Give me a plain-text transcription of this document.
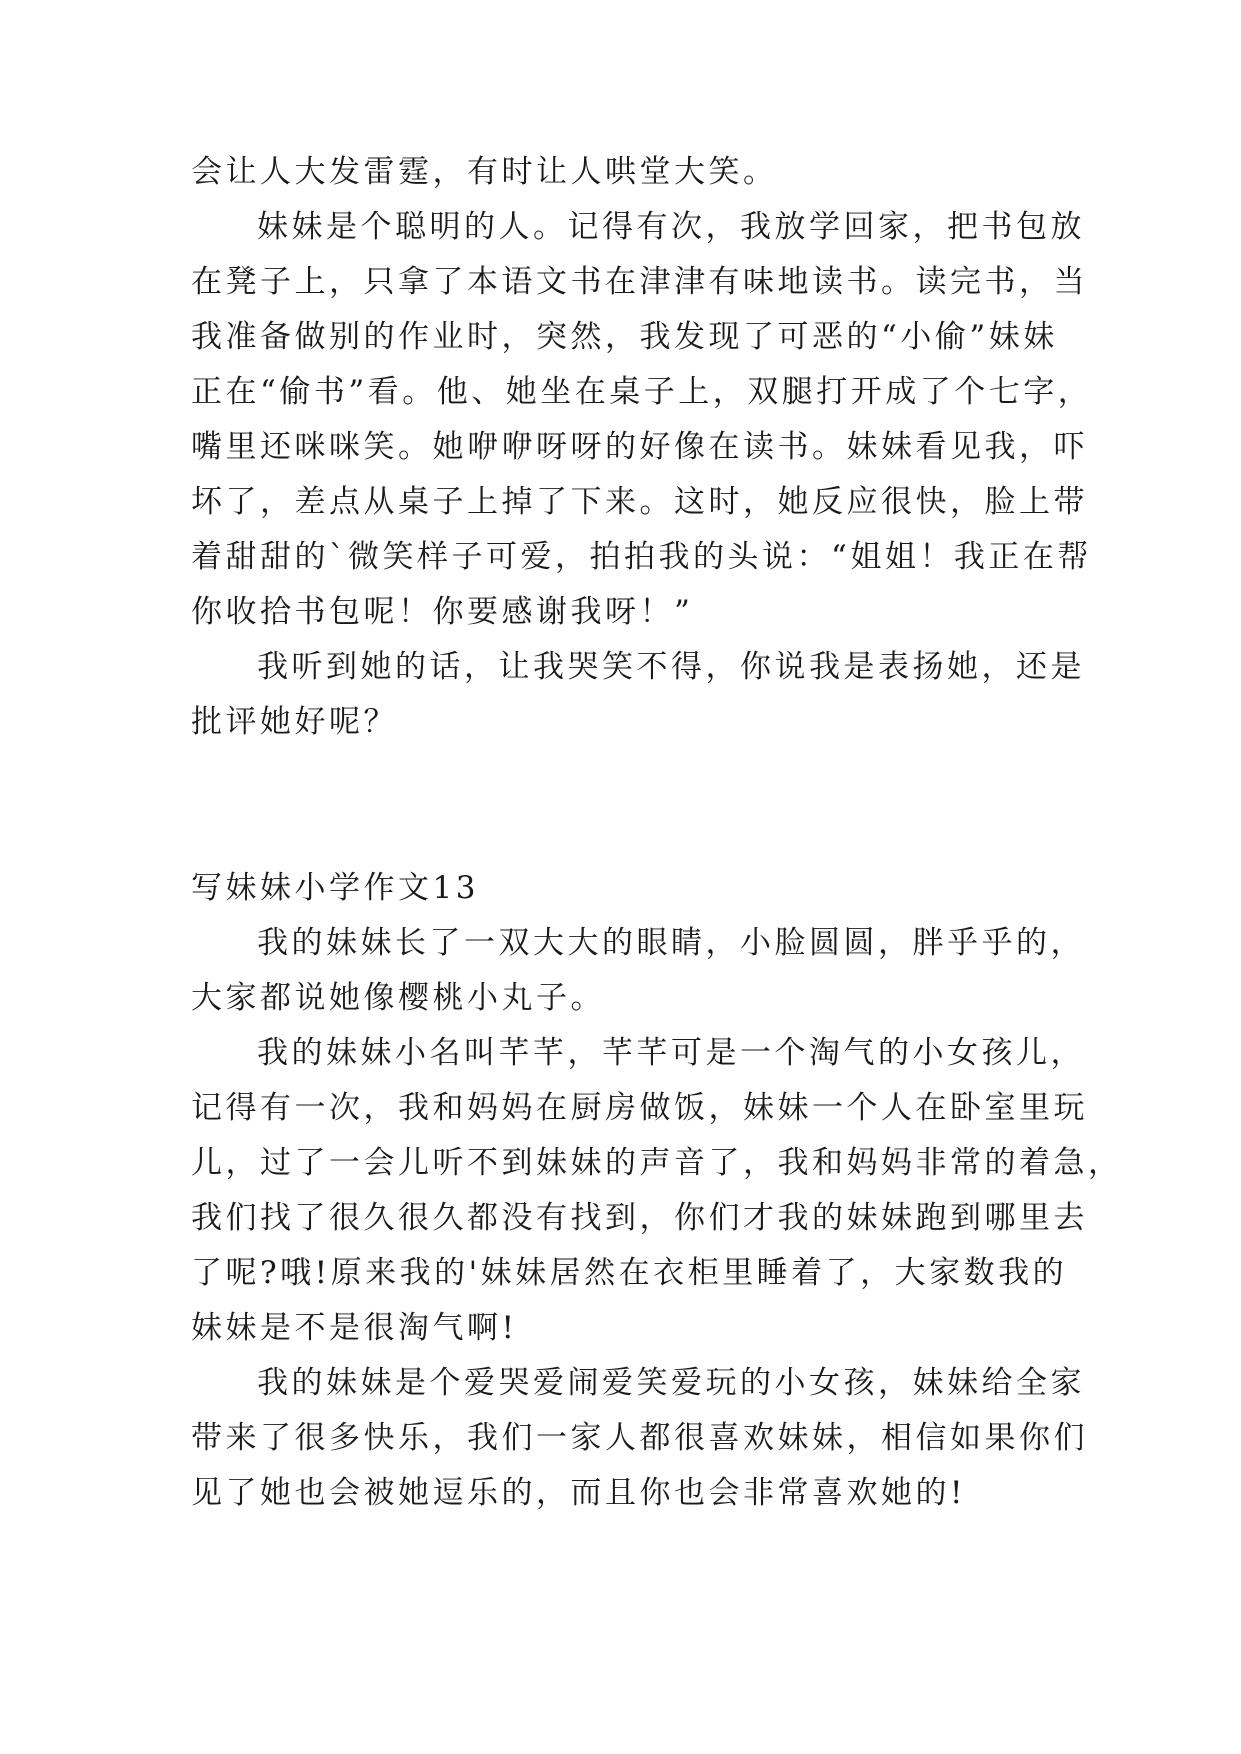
会让人大发雷霆，有时让人哄堂大笑。
妹妹是个聪明的人。记得有次，我放学回家，把书包放
在凳子上，只拿了本语文书在津津有味地读书。读完书，当
我准备做别的作业时，突然，我发现了可恶的“小偷”妹妹
正在“偷书”看。他、她坐在桌子上，双腿打开成了个七字，
嘴里还咪咪笑。她咿咿呀呀的好像在读书。妹妹看见我，吓
坏了，差点从桌子上掉了下来。这时，她反应很快，脸上带
着甜甜的`微笑样子可爱，拍拍我的头说：“姐姐！我正在帮
你收拾书包呢！你要感谢我呀！”
我听到她的话，让我哭笑不得，你说我是表扬她，还是
批评她好呢？
写妹妹小学作文13
我的妹妹长了一双大大的眼睛，小脸圆圆，胖乎乎的，
大家都说她像樱桃小丸子。
我的妹妹小名叫芊芊，芊芊可是一个淘气的小女孩儿，
记得有一次，我和妈妈在厨房做饭，妹妹一个人在卧室里玩
儿，过了一会儿听不到妹妹的声音了，我和妈妈非常的着急，
我们找了很久很久都没有找到，你们才我的妹妹跑到哪里去
了呢?哦!原来我的'妹妹居然在衣柜里睡着了，大家数我的
妹妹是不是很淘气啊!
我的妹妹是个爱哭爱闹爱笑爱玩的小女孩，妹妹给全家
带来了很多快乐，我们一家人都很喜欢妹妹，相信如果你们
见了她也会被她逗乐的，而且你也会非常喜欢她的!
